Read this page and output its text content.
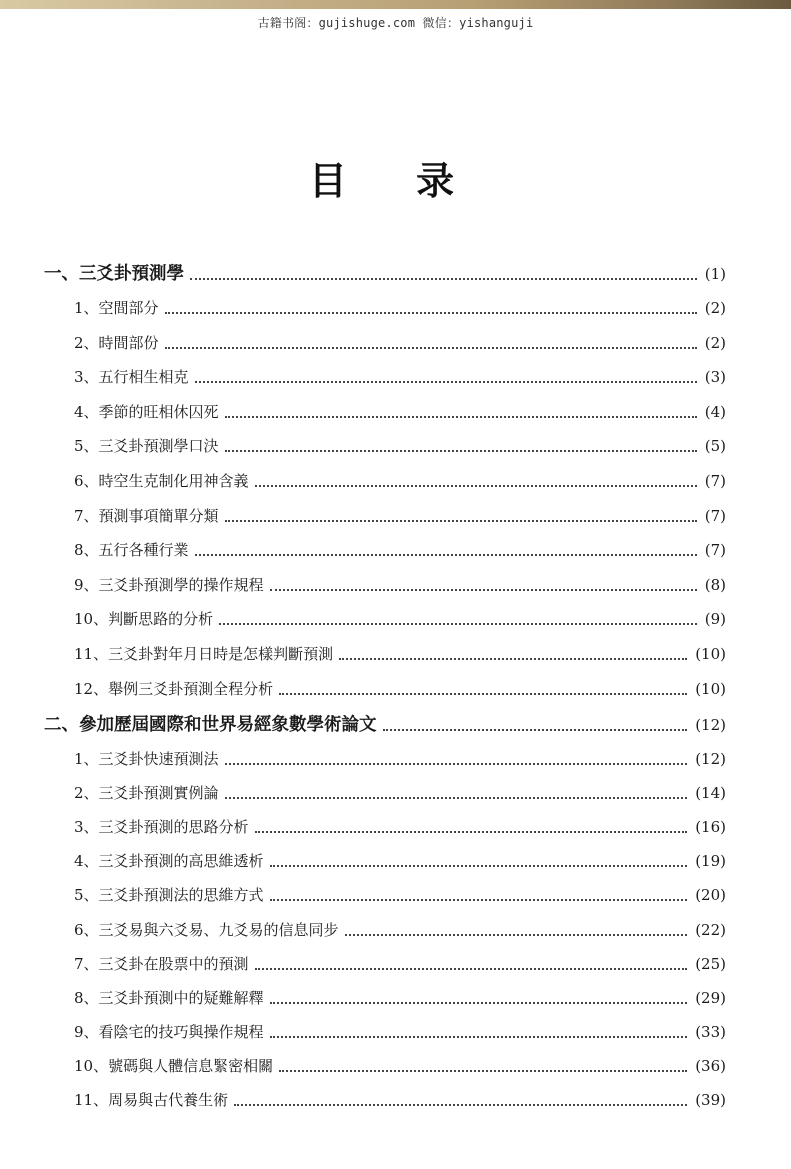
古籍书阁：gujishuge.com 微信：yishanguji
目 录
一、三爻卦預測學	(1)
1、空間部分	(2)
2、時間部份	(2)
3、五行相生相克	(3)
4、季節的旺相休囚死	(4)
5、三爻卦預測學口決	(5)
6、時空生克制化用神含義	(7)
7、預測事項簡單分類	(7)
8、五行各種行業	(7)
9、三爻卦預測學的操作規程	(8)
10、判斷思路的分析	(9)
11、三爻卦對年月日時是怎樣判斷預測	(10)
12、舉例三爻卦預測全程分析	(10)
二、參加歷屆國際和世界易經象數學術論文	(12)
1、三爻卦快速預測法	(12)
2、三爻卦預測實例論	(14)
3、三爻卦預測的思路分析	(16)
4、三爻卦預測的高思維透析	(19)
5、三爻卦預測法的思維方式	(20)
6、三爻易與六爻易、九爻易的信息同步	(22)
7、三爻卦在股票中的預測	(25)
8、三爻卦預測中的疑難解釋	(29)
9、看陰宅的技巧與操作規程	(33)
10、號碼與人體信息緊密相關	(36)
11、周易與古代養生術	(39)
